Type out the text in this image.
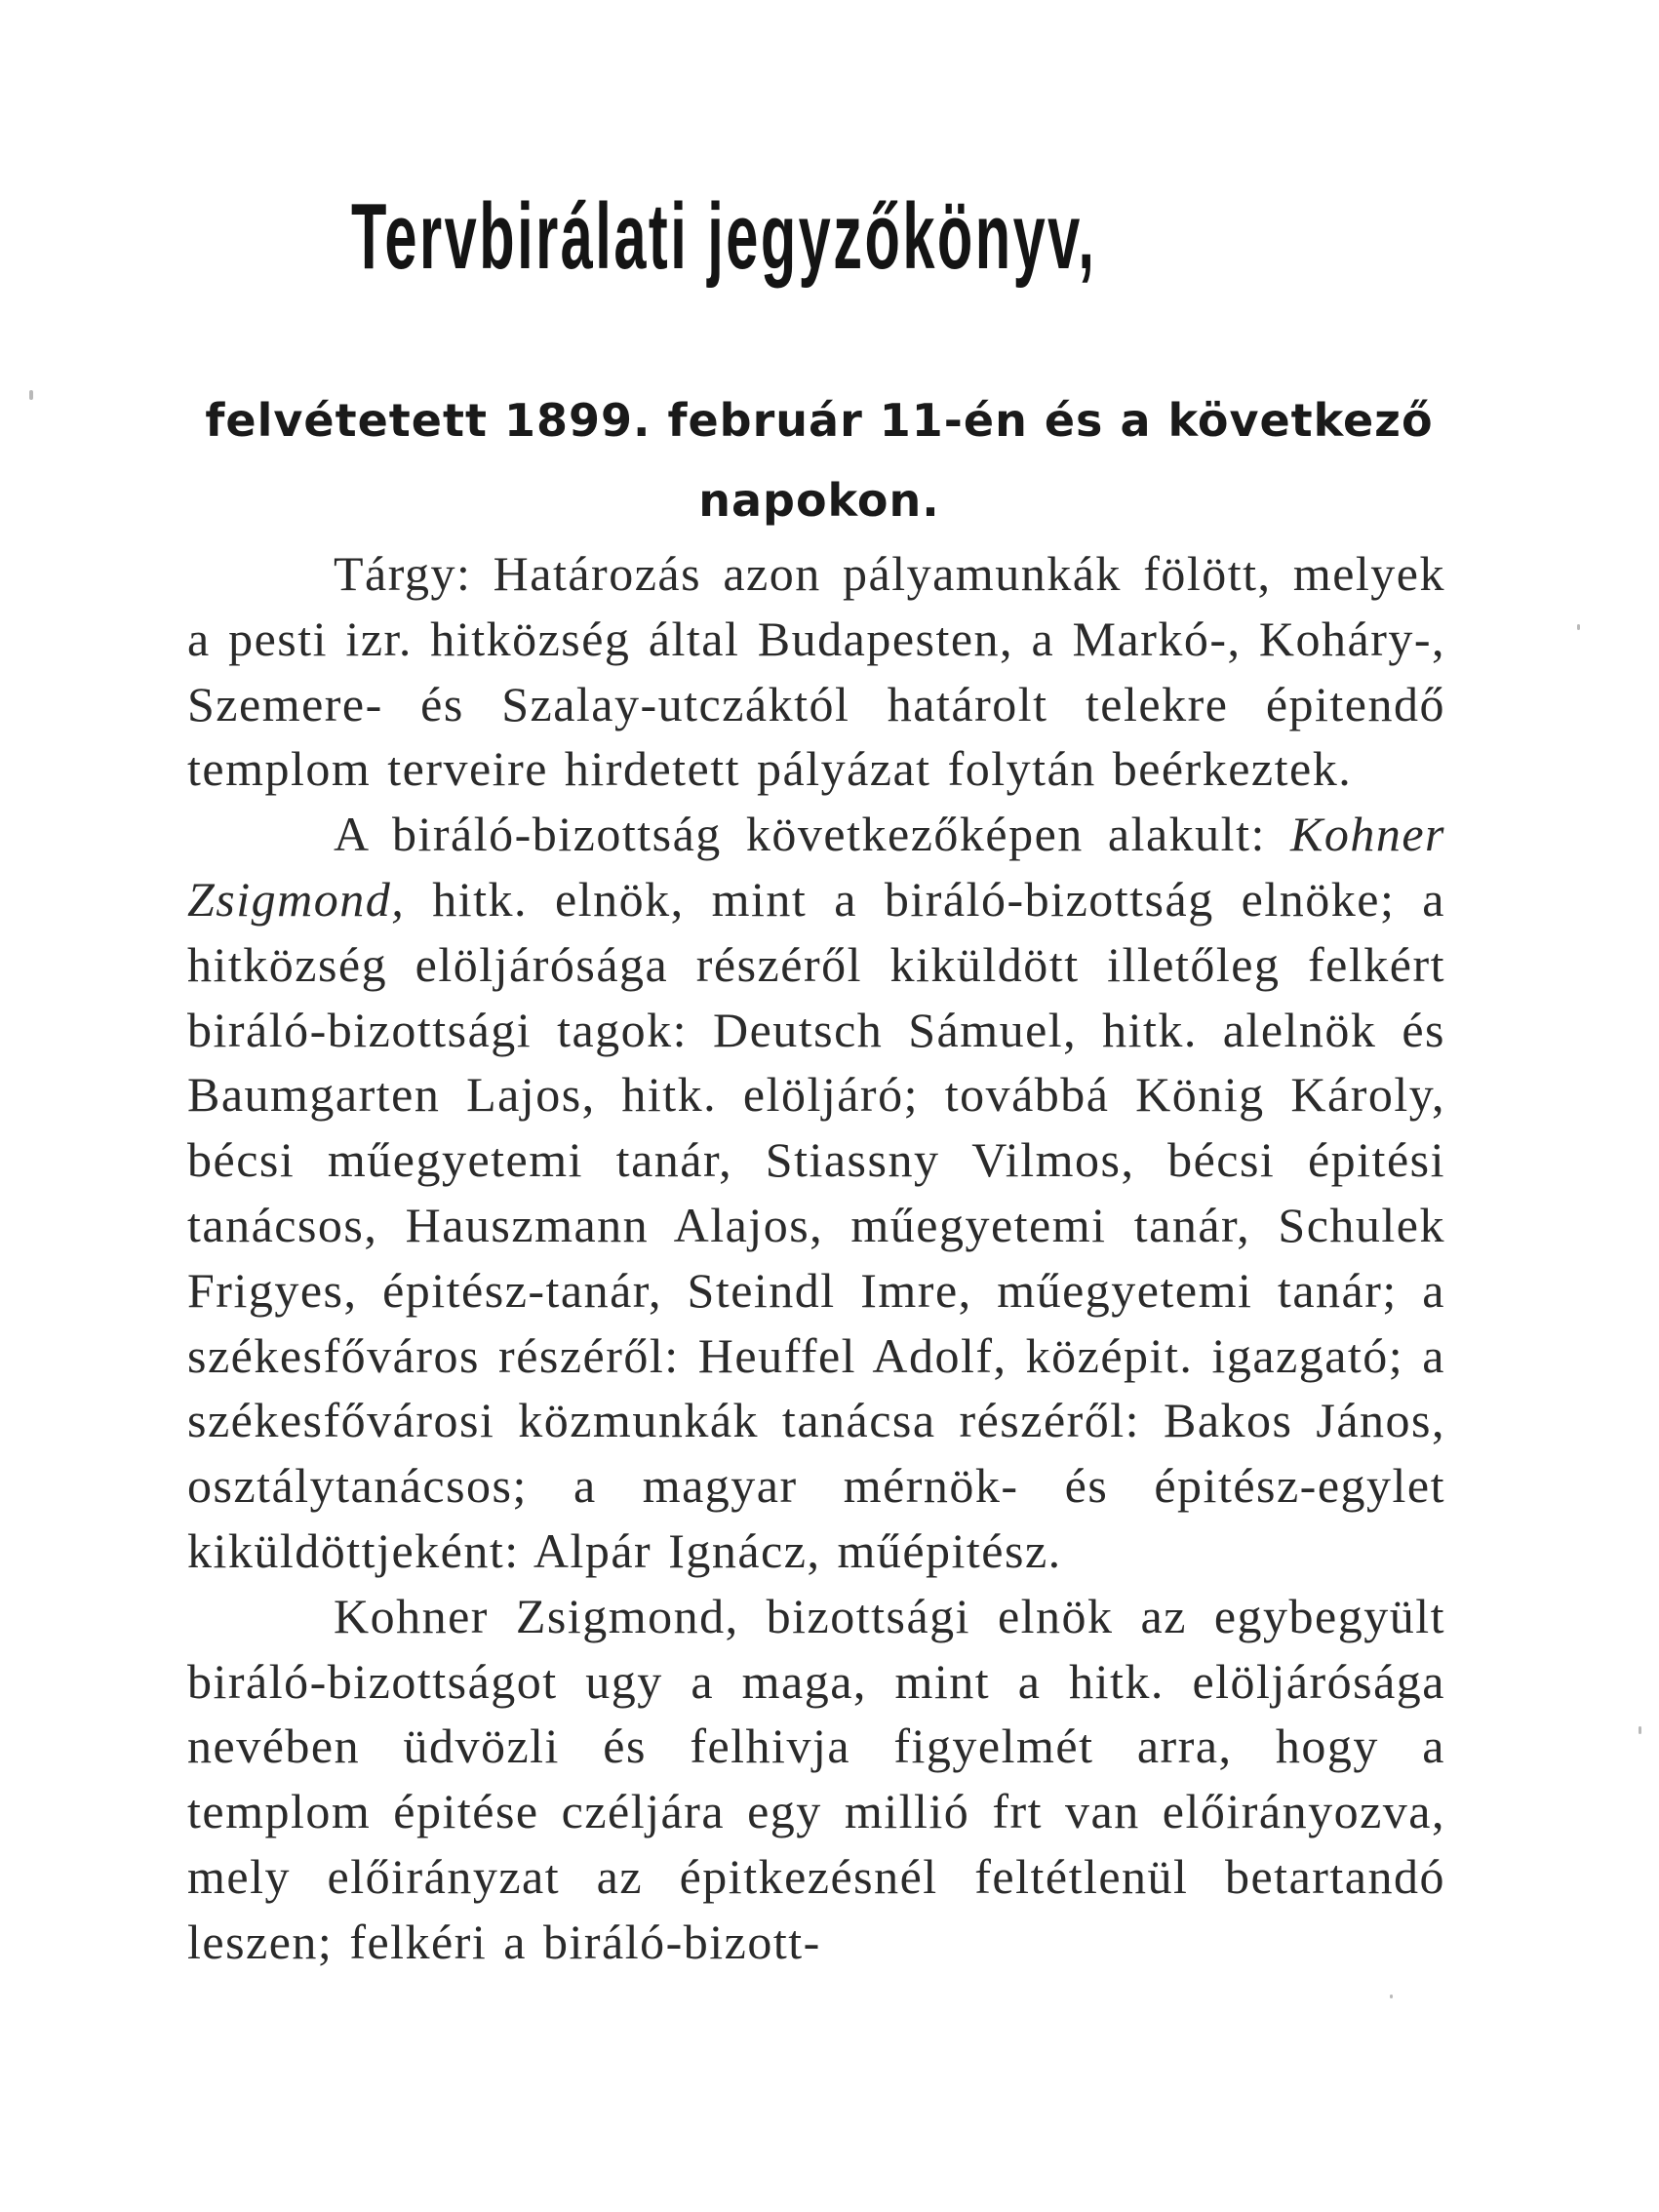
Tervbirálati jegyzőkönyv,
felvétetett 1899. február 11-én és a következő
napokon.

Tárgy: Határozás azon pályamunkák fölött, melyek a pesti izr. hitközség által Budapesten, a Markó-, Koháry-, Szemere- és Szalay-utczáktól határolt telekre épitendő templom terveire hirdetett pályázat folytán beérkeztek.

A biráló-bizottság következőképen alakult: Kohner Zsigmond, hitk. elnök, mint a biráló-bizottság elnöke; a hitközség elöljárósága részéről kiküldött illetőleg felkért biráló-bizottsági tagok: Deutsch Sámuel, hitk. alelnök és Baumgarten Lajos, hitk. elöljáró; továbbá König Károly, bécsi műegyetemi tanár, Stiassny Vilmos, bécsi épitési tanácsos, Hauszmann Alajos, műegyetemi tanár, Schulek Frigyes, épitész-tanár, Steindl Imre, műegyetemi tanár; a székesfőváros részéről: Heuffel Adolf, középit. igazgató; a székesfővárosi közmunkák tanácsa részéről: Bakos János, osztálytanácsos; a magyar mérnök- és épitész-egylet kiküldöttjeként: Alpár Ignácz, műépitész.

Kohner Zsigmond, bizottsági elnök az egybegyült biráló-bizottságot ugy a maga, mint a hitk. elöljárósága nevében üdvözli és felhivja figyelmét arra, hogy a templom épitése czéljára egy millió frt van előirányozva, mely előirányzat az épitkezésnél feltétlenül betartandó leszen; felkéri a biráló-bizott-
